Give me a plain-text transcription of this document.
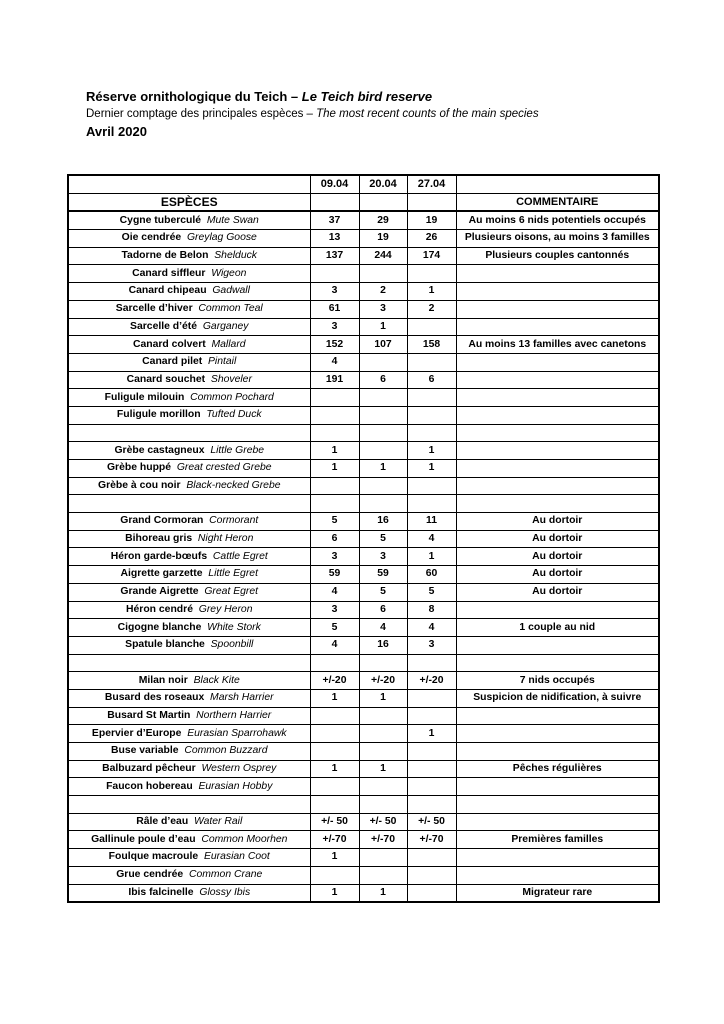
Réserve ornithologique du Teich – Le Teich bird reserve
Dernier comptage des principales espèces – The most recent counts of the main species
Avril 2020
	09.04	20.04	27.04	
ESPÈCES				COMMENTAIRE
Cygne tuberculé Mute Swan	37	29	19	Au moins 6 nids potentiels occupés
Oie cendrée Greylag Goose	13	19	26	Plusieurs oisons, au moins 3 familles
Tadorne de Belon Shelduck	137	244	174	Plusieurs couples cantonnés
Canard siffleur Wigeon				
Canard chipeau Gadwall	3	2	1	
Sarcelle d’hiver Common Teal	61	3	2	
Sarcelle d’été Garganey	3	1		
Canard colvert Mallard	152	107	158	Au moins 13 familles avec canetons
Canard pilet Pintail	4			
Canard souchet Shoveler	191	6	6	
Fuligule milouin Common Pochard				
Fuligule morillon Tufted Duck				

Grèbe castagneux Little Grebe	1		1	
Grèbe huppé Great crested Grebe	1	1	1	
Grèbe à cou noir Black-necked Grebe				

Grand Cormoran Cormorant	5	16	11	Au dortoir
Bihoreau gris Night Heron	6	5	4	Au dortoir
Héron garde-bœufs Cattle Egret	3	3	1	Au dortoir
Aigrette garzette Little Egret	59	59	60	Au dortoir
Grande Aigrette Great Egret	4	5	5	Au dortoir
Héron cendré Grey Heron	3	6	8	
Cigogne blanche White Stork	5	4	4	1 couple au nid
Spatule blanche Spoonbill	4	16	3	

Milan noir Black Kite	+/-20	+/-20	+/-20	7 nids occupés
Busard des roseaux Marsh Harrier	1	1		Suspicion de nidification, à suivre
Busard St Martin Northern Harrier				
Epervier d’Europe Eurasian Sparrohawk			1	
Buse variable Common Buzzard				
Balbuzard pêcheur Western Osprey	1	1		Pêches régulières
Faucon hobereau Eurasian Hobby				

Râle d’eau Water Rail	+/- 50	+/- 50	+/- 50	
Gallinule poule d’eau Common Moorhen	+/-70	+/-70	+/-70	Premières familles
Foulque macroule Eurasian Coot	1			
Grue cendrée Common Crane				
Ibis falcinelle Glossy Ibis	1	1		Migrateur rare
